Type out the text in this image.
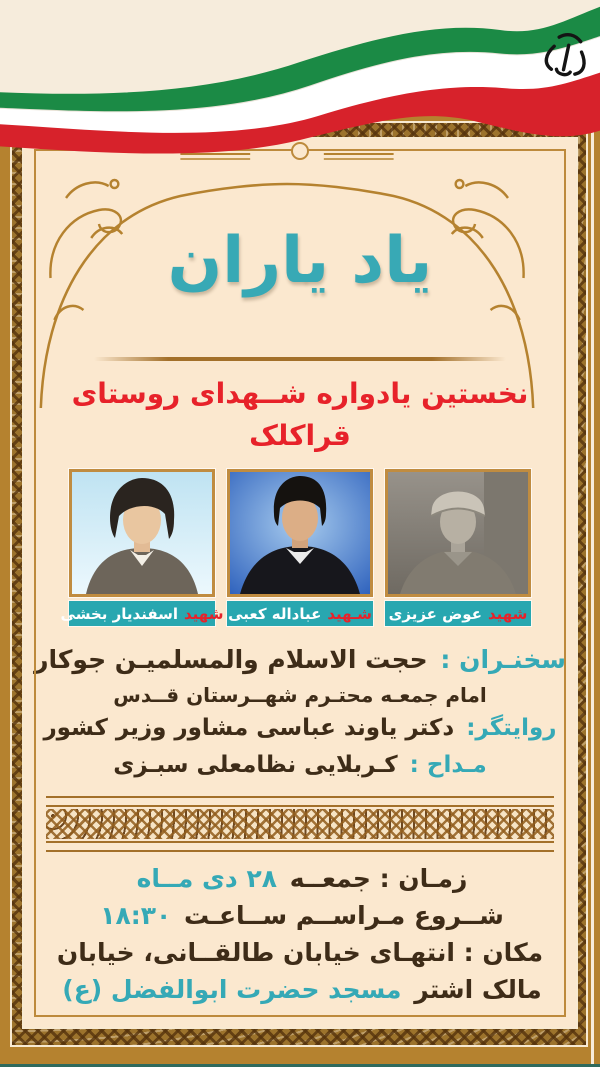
یاد یاران
نخستین یادواره شــهدای روستای قراکلک
شهید
اسفندیار بخشی	شـهید
عباداله کعبی	شهید
عوض عزیزی
سخنـران : حجت الاسلام والمسلمیـن جوکار
امام جمعـه محتـرم شهــرستان قــدس
روایتگر: دکتر یاوند عباسی مشاور وزیر کشور
مـداح : کـربلایی نظامعلی سبـزی
زمـان : جمعــه ۲۸ دی مــاه
شــروع مـراســم ســاعـت ۱۸:۳۰
مکان : انتهـای خیابان طالقــانی، خیابان
مالک اشتر مسجد حضرت ابوالفضل (ع)
